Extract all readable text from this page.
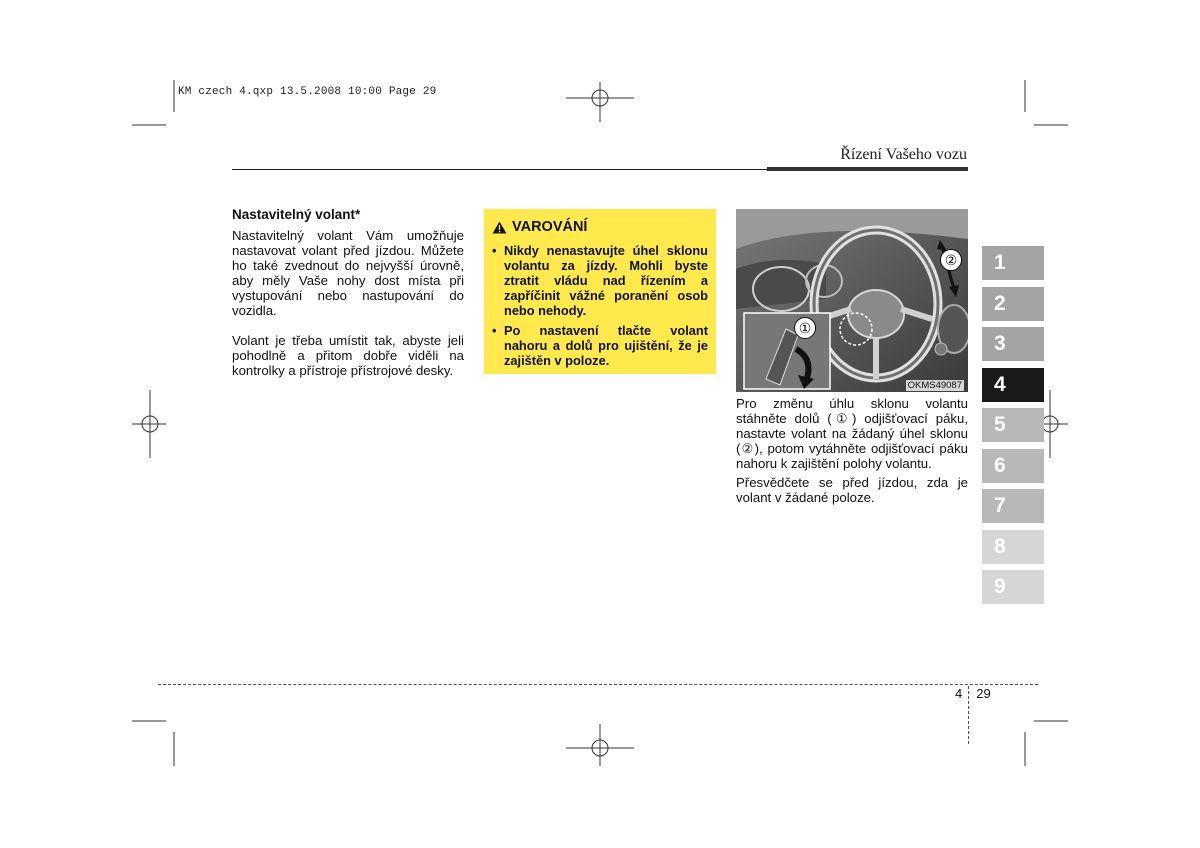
KM czech 4.qxp 13.5.2008 10:00 Page 29
Řízení Vašeho vozu
Nastavitelný volant*

Nastavitelný volant Vám umožňuje nastavovat volant před jízdou. Můžete ho také zvednout do nejvyšší úrovně, aby měly Vaše nohy dost místa při vystupování nebo nastupování do vozidla.

Volant je třeba umístit tak, abyste jeli pohodlně a přitom dobře viděli na kontrolky a přístroje přístrojové desky.

VAROVÁNÍ
• Nikdy nenastavujte úhel sklonu volantu za jízdy. Mohli byste ztratit vládu nad řízením a zapříčinit vážné poranění osob nebo nehody.
• Po nastavení tlačte volant nahoru a dolů pro ujištění, že je zajištěn v poloze.
①
②
OKMS49087

Pro změnu úhlu sklonu volantu stáhněte dolů (①) odjišťovací páku, nastavte volant na žádaný úhel sklonu (②), potom vytáhněte odjišťovací páku nahoru k zajištění polohy volantu.

Přesvědčete se před jízdou, zda je volant v žádané poloze.

1
2
3
4
5
6
7
8
9
4 29
